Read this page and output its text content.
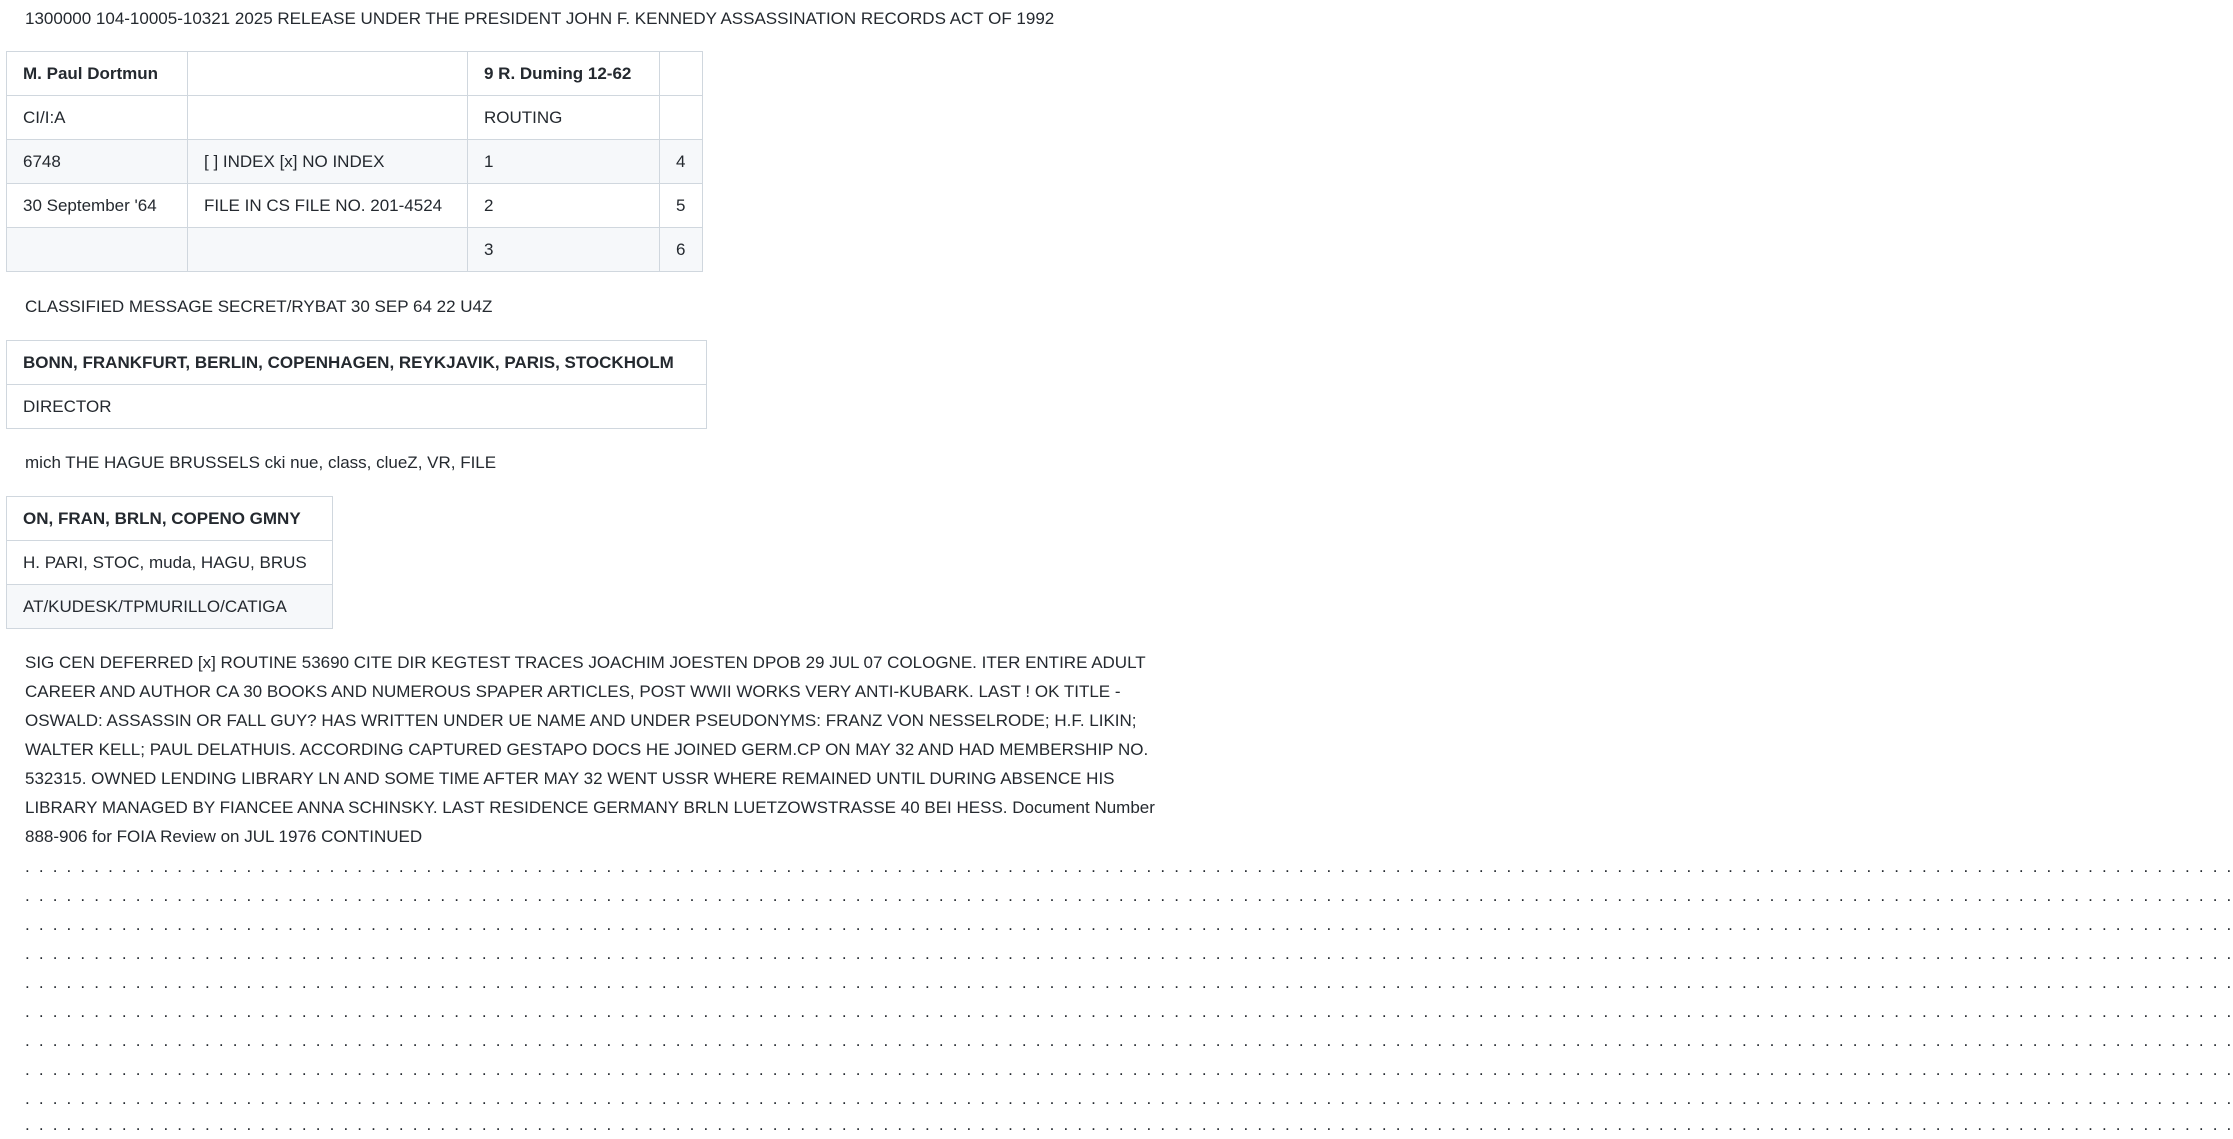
1300000 104-10005-10321 2025 RELEASE UNDER THE PRESIDENT JOHN F. KENNEDY ASSASSINATION RECORDS ACT OF 1992

M. Paul Dortmun		9 R. Duming 12-62	
CI/I:A		ROUTING	
6748	[ ] INDEX [x] NO INDEX	1	4
30 September '64	FILE IN CS FILE NO. 201-4524	2	5
		3	6

CLASSIFIED MESSAGE SECRET/RYBAT 30 SEP 64 22 U4Z

BONN, FRANKFURT, BERLIN, COPENHAGEN, REYKJAVIK, PARIS, STOCKHOLM
DIRECTOR

mich THE HAGUE BRUSSELS cki nue, class, clueZ, VR, FILE

ON, FRAN, BRLN, COPENO GMNY
H. PARI, STOC, muda, HAGU, BRUS
AT/KUDESK/TPMURILLO/CATIGA

SIG CEN DEFERRED [x] ROUTINE 53690 CITE DIR KEGTEST TRACES JOACHIM JOESTEN DPOB 29 JUL 07 COLOGNE. ITER ENTIRE ADULT CAREER AND AUTHOR CA 30 BOOKS AND NUMEROUS SPAPER ARTICLES, POST WWII WORKS VERY ANTI-KUBARK. LAST ! OK TITLE - OSWALD: ASSASSIN OR FALL GUY? HAS WRITTEN UNDER UE NAME AND UNDER PSEUDONYMS: FRANZ VON NESSELRODE; H.F. LIKIN; WALTER KELL; PAUL DELATHUIS. ACCORDING CAPTURED GESTAPO DOCS HE JOINED GERM.CP ON MAY 32 AND HAD MEMBERSHIP NO. 532315. OWNED LENDING LIBRARY LN AND SOME TIME AFTER MAY 32 WENT USSR WHERE REMAINED UNTIL DURING ABSENCE HIS LIBRARY MANAGED BY FIANCEE ANNA SCHINSKY. LAST RESIDENCE GERMANY BRLN LUETZOWSTRASSE 40 BEI HESS. Document Number 888-906 for FOIA Review on JUL 1976 CONTINUED

. . . . . . . . . . . . . . . . . . . . . . . . . . . . . . . . . . . . . . . . . . . . . . . . . . . . . . . . . . . . . . . . . . . . . . . . . . . . . . . . . . . . . . . . . . . . . . . . . . . . . . . . . . . . . . . . . . . . . . . . . . . . . . . . . . . . . . . . . . . . . . . . . . . . . . . . . . . . . . . .
. . . . . . . . . . . . . . . . . . . . . . . . . . . . . . . . . . . . . . . . . . . . . . . . . . . . . . . . . . . . . . . . . . . . . . . . . . . . . . . . . . . . . . . . . . . . . . . . . . . . . . . . . . . . . . . . . . . . . . . . . . . . . . . . . . . . . . . . . . . . . . . . . . . . . . . . . . . . . . . .
. . . . . . . . . . . . . . . . . . . . . . . . . . . . . . . . . . . . . . . . . . . . . . . . . . . . . . . . . . . . . . . . . . . . . . . . . . . . . . . . . . . . . . . . . . . . . . . . . . . . . . . . . . . . . . . . . . . . . . . . . . . . . . . . . . . . . . . . . . . . . . . . . . . . . . . . . . . . . . . .
. . . . . . . . . . . . . . . . . . . . . . . . . . . . . . . . . . . . . . . . . . . . . . . . . . . . . . . . . . . . . . . . . . . . . . . . . . . . . . . . . . . . . . . . . . . . . . . . . . . . . . . . . . . . . . . . . . . . . . . . . . . . . . . . . . . . . . . . . . . . . . . . . . . . . . . . . . . . . . . .
. . . . . . . . . . . . . . . . . . . . . . . . . . . . . . . . . . . . . . . . . . . . . . . . . . . . . . . . . . . . . . . . . . . . . . . . . . . . . . . . . . . . . . . . . . . . . . . . . . . . . . . . . . . . . . . . . . . . . . . . . . . . . . . . . . . . . . . . . . . . . . . . . . . . . . . . . . . . . . . .
. . . . . . . . . . . . . . . . . . . . . . . . . . . . . . . . . . . . . . . . . . . . . . . . . . . . . . . . . . . . . . . . . . . . . . . . . . . . . . . . . . . . . . . . . . . . . . . . . . . . . . . . . . . . . . . . . . . . . . . . . . . . . . . . . . . . . . . . . . . . . . . . . . . . . . . . . . . . . . . .
. . . . . . . . . . . . . . . . . . . . . . . . . . . . . . . . . . . . . . . . . . . . . . . . . . . . . . . . . . . . . . . . . . . . . . . . . . . . . . . . . . . . . . . . . . . . . . . . . . . . . . . . . . . . . . . . . . . . . . . . . . . . . . . . . . . . . . . . . . . . . . . . . . . . . . . . . . . . . . . .
. . . . . . . . . . . . . . . . . . . . . . . . . . . . . . . . . . . . . . . . . . . . . . . . . . . . . . . . . . . . . . . . . . . . . . . . . . . . . . . . . . . . . . . . . . . . . . . . . . . . . . . . . . . . . . . . . . . . . . . . . . . . . . . . . . . . . . . . . . . . . . . . . . . . . . . . . . . . . . . .
. . . . . . . . . . . . . . . . . . . . . . . . . . . . . . . . . . . . . . . . . . . . . . . . . . . . . . . . . . . . . . . . . . . . . . . . . . . . . . . . . . . . . . . . . . . . . . . . . . . . . . . . . . . . . . . . . . . . . . . . . . . . . . . . . . . . . . . . . . . . . . . . . . . . . . . . . . . . . . . .
. . . . . . . . . . . . . . . . . . . . . . . . . . . . . . . . . . . . . . . . . . . . . . . . . . . . . . . . . . . . . . . . . . . . . . . . . . . . . . . . . . . . . . . . . . . . . . . . . . . . . . . . . . . . . . . . . . . . . . . . . . . . . . . . . . . . . . . . . . . . . . . . . . . . . . . . . . . . . . . .
